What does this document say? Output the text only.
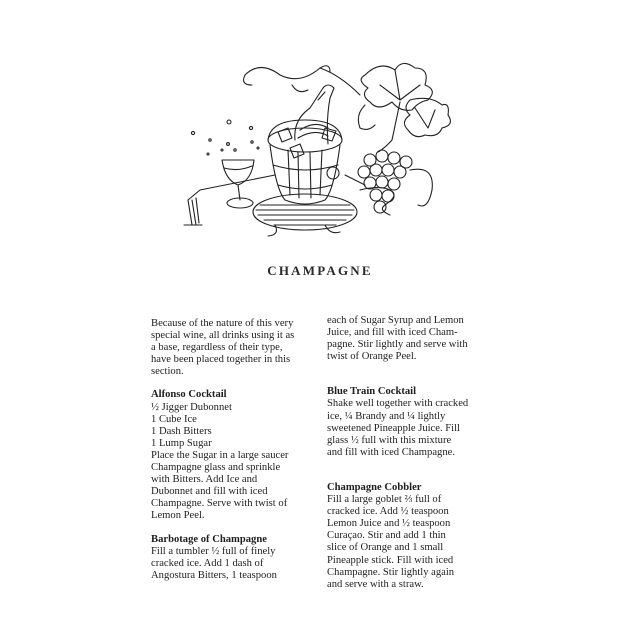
CHAMPAGNE
Because of the nature of this very
special wine, all drinks using it as
a base, regardless of their type,
have been placed together in this
section.
Alfonso Cocktail
½ Jigger Dubonnet
1 Cube Ice
1 Dash Bitters
1 Lump Sugar
Place the Sugar in a large saucer
Champagne glass and sprinkle
with Bitters. Add Ice and
Dubonnet and fill with iced
Champagne. Serve with twist of
Lemon Peel.
Barbotage of Champagne
Fill a tumbler ½ full of finely
cracked ice. Add 1 dash of
Angostura Bitters, 1 teaspoon
each of Sugar Syrup and Lemon
Juice, and fill with iced Cham-
pagne. Stir lightly and serve with
twist of Orange Peel.
Blue Train Cocktail
Shake well together with cracked
ice, ¼ Brandy and ¼ lightly
sweetened Pineapple Juice. Fill
glass ½ full with this mixture
and fill with iced Champagne.
Champagne Cobbler
Fill a large goblet ⅔ full of
cracked ice. Add ½ teaspoon
Lemon Juice and ½ teaspoon
Curaçao. Stir and add 1 thin
slice of Orange and 1 small
Pineapple stick. Fill with iced
Champagne. Stir lightly again
and serve with a straw.
